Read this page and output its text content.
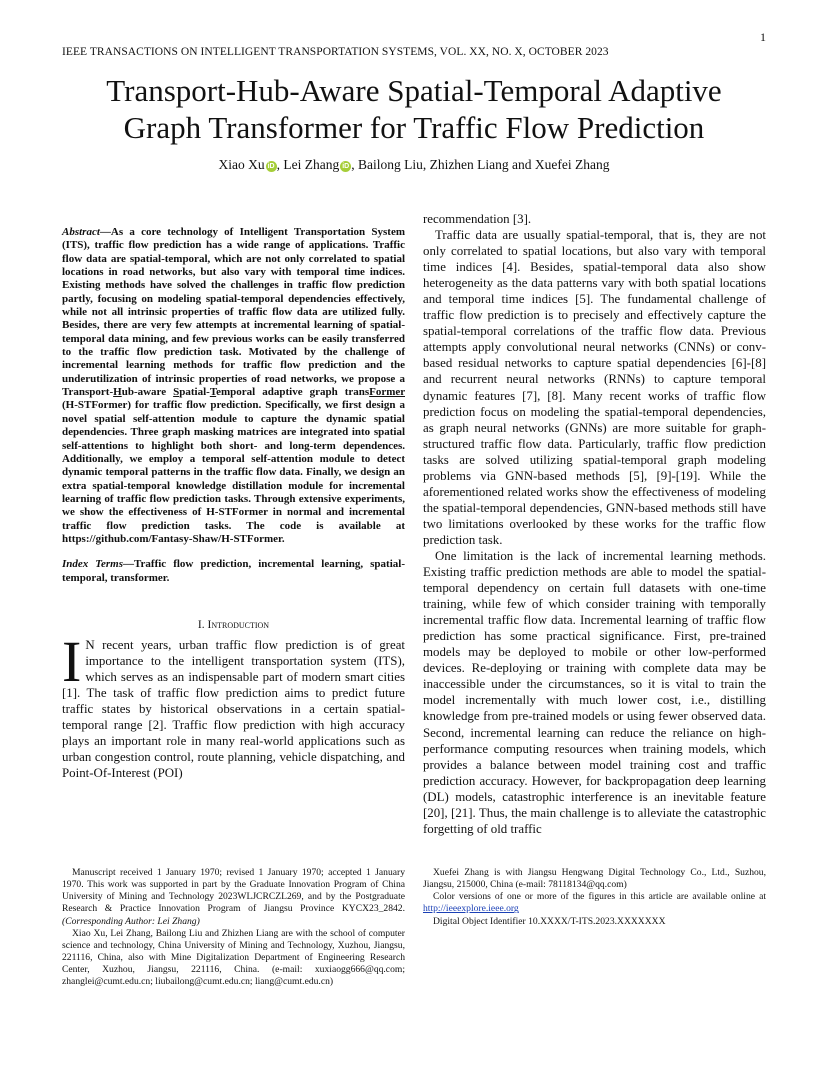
1
IEEE TRANSACTIONS ON INTELLIGENT TRANSPORTATION SYSTEMS, VOL. XX, NO. X, OCTOBER 2023
Transport-Hub-Aware Spatial-Temporal Adaptive
Graph Transformer for Traffic Flow Prediction
Xiao Xu iD , Lei Zhang iD , Bailong Liu, Zhizhen Liang and Xuefei Zhang

Abstract—As a core technology of Intelligent Transportation System (ITS), traffic flow prediction has a wide range of applications. Traffic flow data are spatial-temporal, which are not only correlated to spatial locations in road networks, but also vary with temporal time indices. Existing methods have solved the challenges in traffic flow prediction partly, focusing on modeling spatial-temporal dependencies effectively, while not all intrinsic properties of traffic flow data are utilized fully. Besides, there are very few attempts at incremental learning of spatial-temporal data mining, and few previous works can be easily transferred to the traffic flow prediction task. Motivated by the challenge of incremental learning methods for traffic flow prediction and the underutilization of intrinsic properties of road networks, we propose a Transport-Hub-aware Spatial-Temporal adaptive graph transFormer (H-STFormer) for traffic flow prediction. Specifically, we first design a novel spatial self-attention module to capture the dynamic spatial dependencies. Three graph masking matrices are integrated into spatial self-attentions to highlight both short- and long-term dependences. Additionally, we employ a temporal self-attention module to detect dynamic temporal patterns in the traffic flow data. Finally, we design an extra spatial-temporal knowledge distillation module for incremental learning of traffic flow prediction tasks. Through extensive experiments, we show the effectiveness of H-STFormer in normal and incremental traffic flow prediction tasks. The code is available at https://github.com/Fantasy-Shaw/H-STFormer.

Index Terms—Traffic flow prediction, incremental learning, spatial-temporal, transformer.

I. Introduction

I N recent years, urban traffic flow prediction is of great importance to the intelligent transportation system (ITS), which serves as an indispensable part of modern smart cities [1]. The task of traffic flow prediction aims to predict future traffic states by historical observations in a certain spatial-temporal range [2]. Traffic flow prediction with high accuracy plays an important role in many real-world applications such as urban congestion control, route planning, vehicle dispatching, and Point-Of-Interest (POI)

recommendation [3].

Traffic data are usually spatial-temporal, that is, they are not only correlated to spatial locations, but also vary with temporal time indices [4]. Besides, spatial-temporal data also show heterogeneity as the data patterns vary with both spatial locations and temporal time indices [5]. The fundamental challenge of traffic flow prediction is to precisely and effectively capture the spatial-temporal correlations of the traffic flow data. Previous attempts apply convolutional neural networks (CNNs) or conv-based residual networks to capture spatial dependencies [6]-[8] and recurrent neural networks (RNNs) to capture temporal dynamic features [7], [8]. Many recent works of traffic flow prediction focus on modeling the spatial-temporal dependencies, as graph neural networks (GNNs) are more suitable for graph-structured traffic flow data. Particularly, traffic flow prediction tasks are solved utilizing spatial-temporal graph modeling problems via GNN-based methods [5], [9]-[19]. While the aforementioned related works show the effectiveness of modeling the spatial-temporal dependencies, GNN-based methods still have two limitations overlooked by these works for the traffic flow prediction task.

One limitation is the lack of incremental learning methods. Existing traffic prediction methods are able to model the spatial-temporal dependency on certain full datasets with one-time training, while few of which consider training with temporally incremental traffic flow data. Incremental learning of traffic flow prediction has some practical significance. First, pre-trained models may be deployed to mobile or other low-performed devices. Re-deploying or training with complete data may be inaccessible under the circumstances, so it is vital to train the model incrementally with much lower cost, i.e., distilling knowledge from pre-trained models or using fewer observed data. Second, incremental learning can reduce the reliance on high-performance computing resources when training models, which provides a balance between model training cost and traffic prediction accuracy. However, for backpropagation deep learning (DL) models, catastrophic interference is an inevitable feature [20], [21]. Thus, the main challenge is to alleviate the catastrophic forgetting of old traffic

Manuscript received 1 January 1970; revised 1 January 1970; accepted 1 January 1970. This work was supported in part by the Graduate Innovation Program of China University of Mining and Technology 2023WLJCRCZL269, and by the Postgraduate Research & Practice Innovation Program of Jiangsu Province KYCX23_2842. (Corresponding Author: Lei Zhang)

Xiao Xu, Lei Zhang, Bailong Liu and Zhizhen Liang are with the school of computer science and technology, China University of Mining and Technology, Xuzhou, Jiangsu, 221116, China, also with Mine Digitalization Department of Engineering Research Center, Xuzhou, Jiangsu, 221116, China. (e-mail: xuxiaogg666@qq.com; zhanglei@cumt.edu.cn; liubailong@cumt.edu.cn; liang@cumt.edu.cn)

Xuefei Zhang is with Jiangsu Hengwang Digital Technology Co., Ltd., Suzhou, Jiangsu, 215000, China (e-mail: 78118134@qq.com)

Color versions of one or more of the figures in this article are available online at http://ieeexplore.ieee.org

Digital Object Identifier 10.XXXX/T-ITS.2023.XXXXXXX
